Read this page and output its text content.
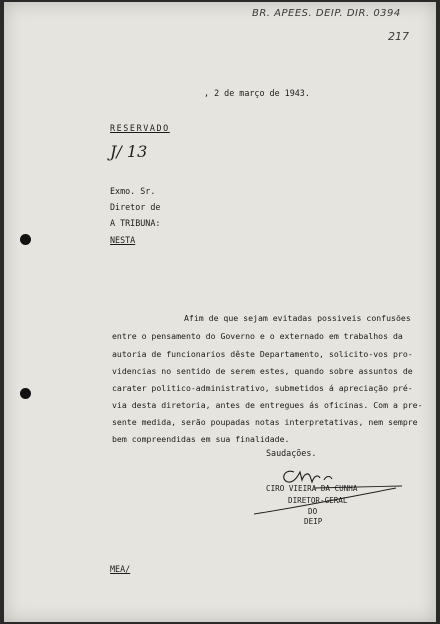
BR. APEES. DEIP. DIR. 0394
217
, 2 de março de 1943.
RESERVADO
J/ 13
Exmo. Sr.
Diretor de
A TRIBUNA:
NESTA
Afim de que sejam evitadas possiveis confusões
entre o pensamento do Governo e o externado em trabalhos da
autoria de funcionarios dêste Departamento, solicito-vos pro-
videncias no sentido de serem estes, quando sobre assuntos de
carater politico-administrativo, submetidos á apreciação pré-
via desta diretoria, antes de entregues ás oficinas. Com a pre-
sente medida, serão poupadas notas interpretativas, nem sempre
bem compreendidas em sua finalidade.
Saudações.
CIRO VIEIRA DA CUNHA
DIRETOR-GERAL
DO
DEIP
MEA/
